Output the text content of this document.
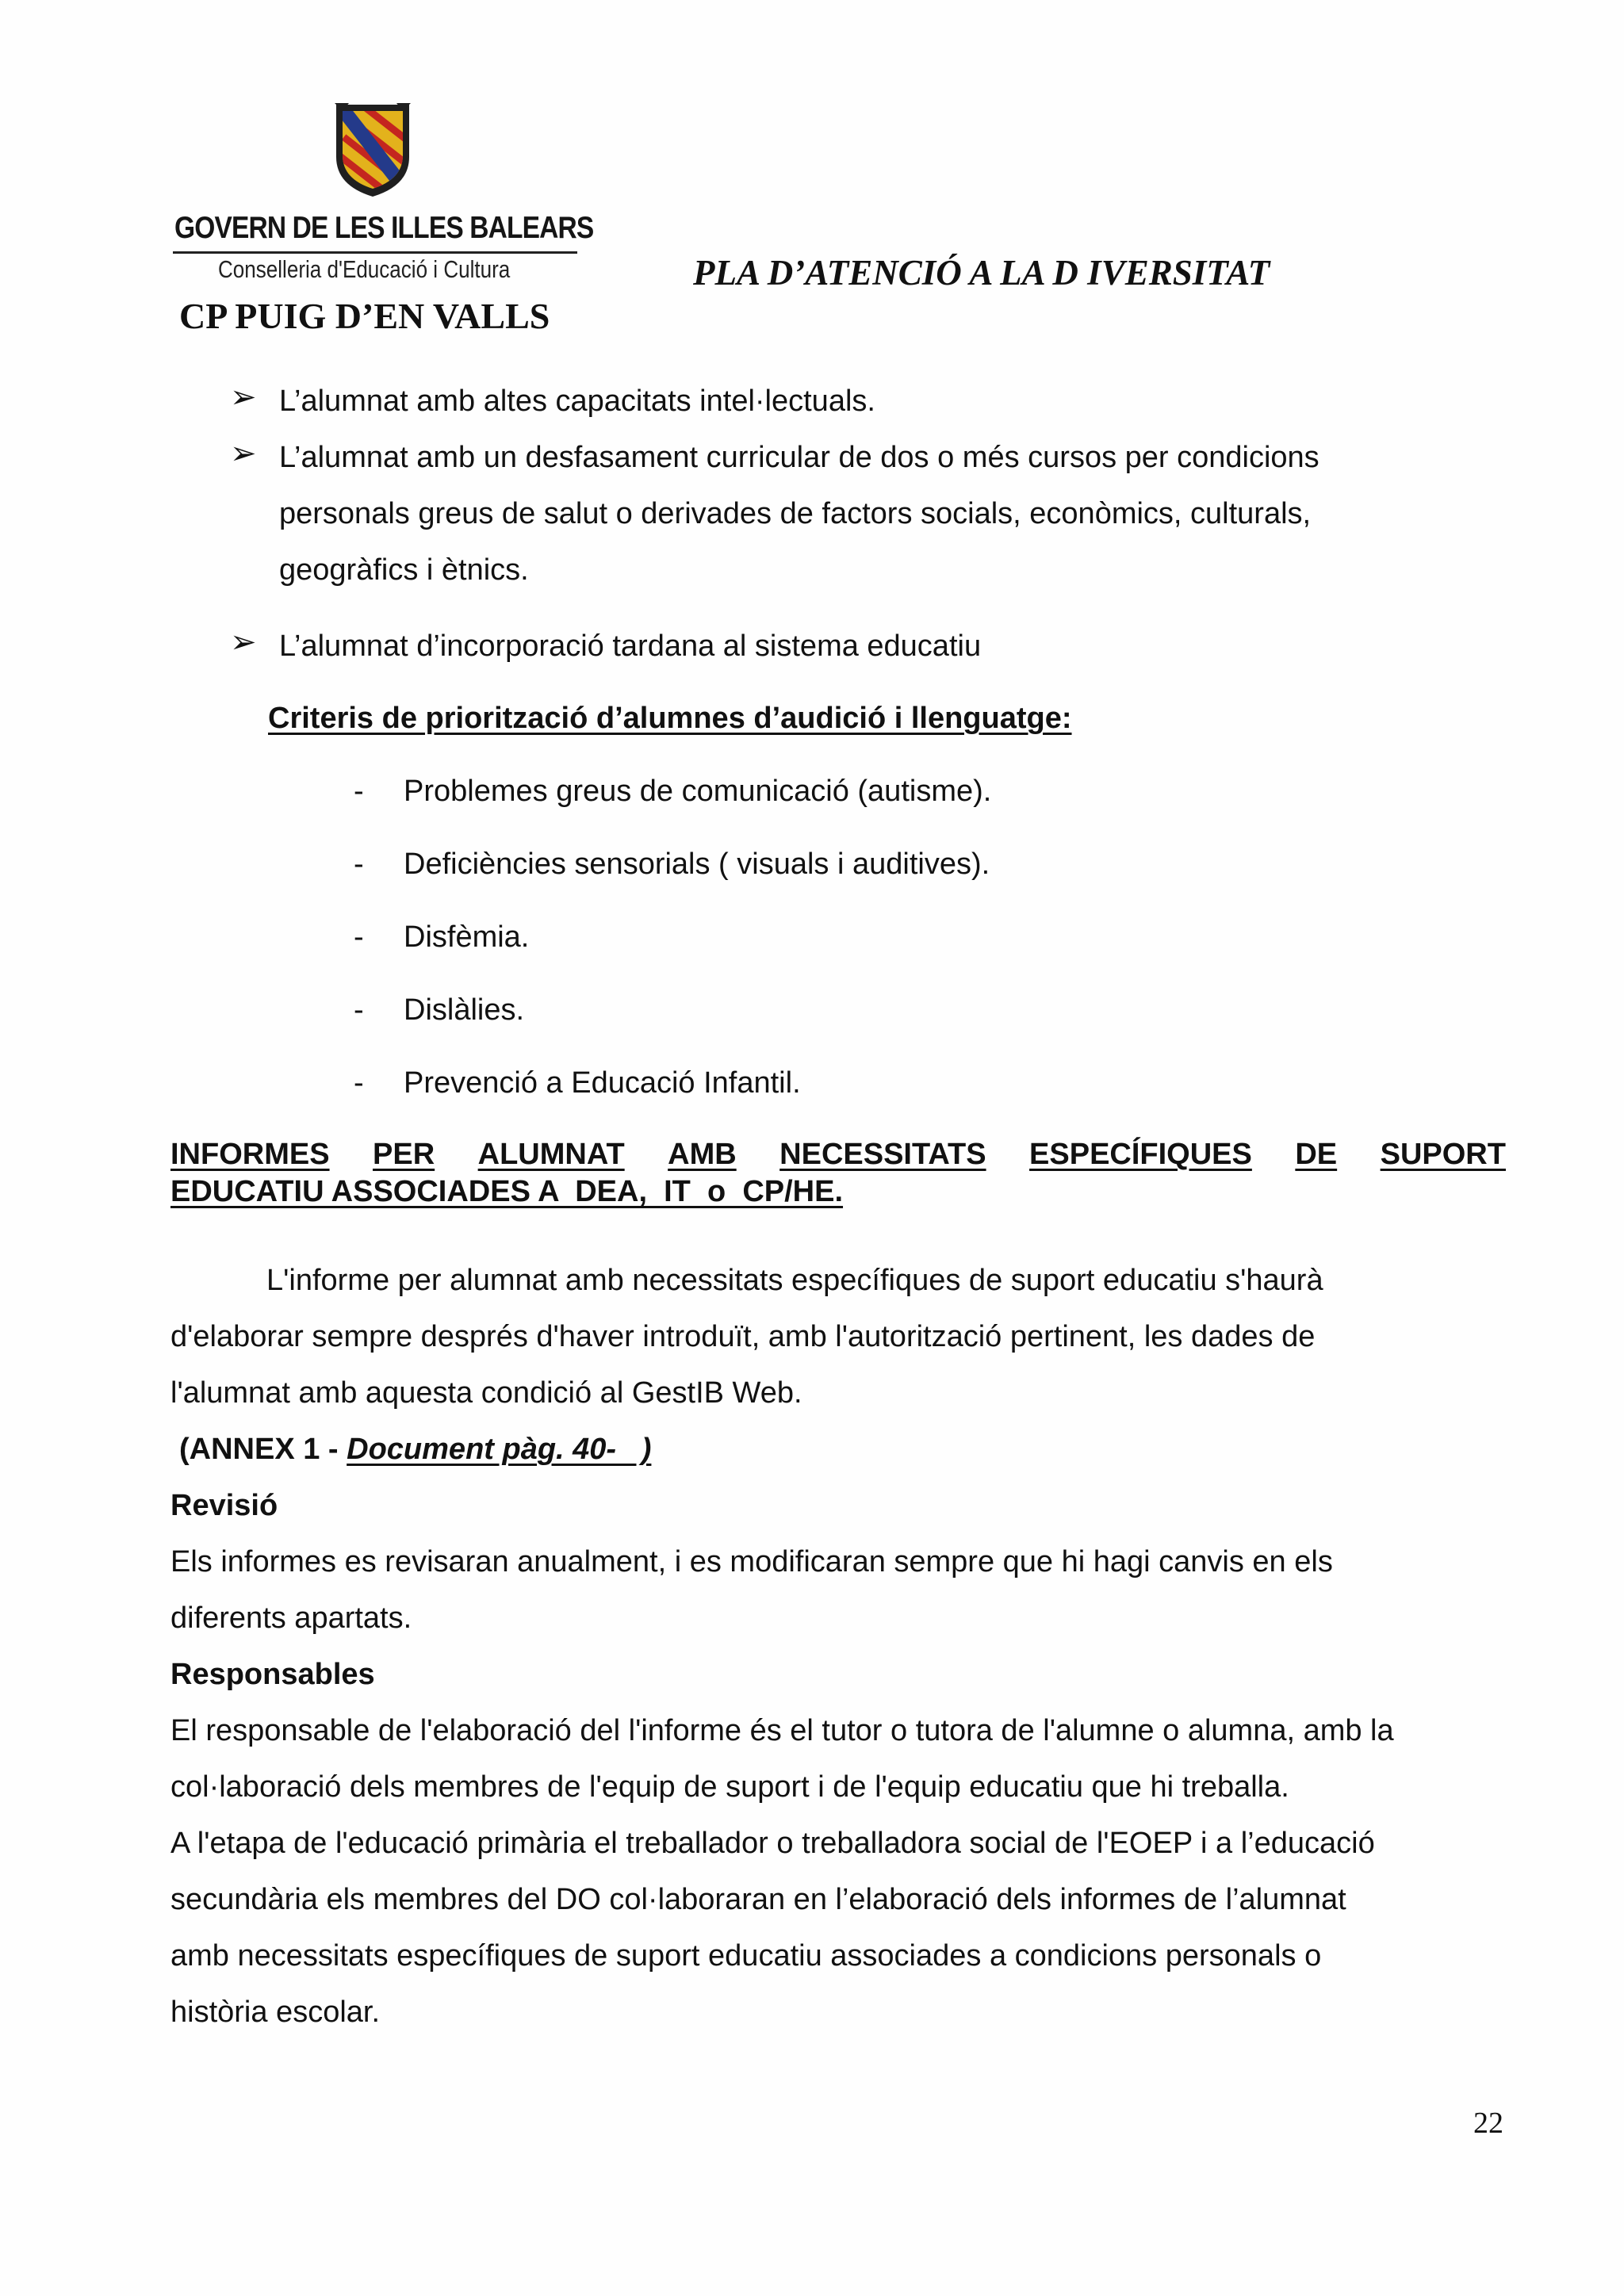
GOVERN DE LES ILLES BALEARS
Conselleria d'Educació i Cultura
CP PUIG D’EN VALLS
PLA D’ATENCIÓ A LA D IVERSITAT
➢ L’alumnat amb altes capacitats intel·lectuals.
➢ L’alumnat amb un desfasament curricular de dos o més cursos per condicions
personals greus de salut o derivades de factors socials, econòmics, culturals,
geogràfics i ètnics.
➢ L’alumnat d’incorporació tardana al sistema educatiu
Criteris de priorització d’alumnes d’audició i llenguatge:
- Problemes greus de comunicació (autisme).
- Deficiències sensorials ( visuals i auditives).
- Disfèmia.
- Dislàlies.
- Prevenció a Educació Infantil.
INFORMES PER ALUMNAT AMB NECESSITATS ESPECÍFIQUES DE SUPORT
EDUCATIU ASSOCIADES A  DEA,  IT  o  CP/HE.
L'informe per alumnat amb necessitats específiques de suport educatiu s'haurà
d'elaborar sempre després d'haver introduït, amb l'autorització pertinent, les dades de
l'alumnat amb aquesta condició al GestIB Web.
(ANNEX 1 - Document pàg. 40-   )
Revisió
Els informes es revisaran anualment, i es modificaran sempre que hi hagi canvis en els
diferents apartats.
Responsables
El responsable de l'elaboració del l'informe és el tutor o tutora de l'alumne o alumna, amb la
col·laboració dels membres de l'equip de suport i de l'equip educatiu que hi treballa.
A l'etapa de l'educació primària el treballador o treballadora social de l'EOEP i a l’educació
secundària els membres del DO col·laboraran en l’elaboració dels informes de l’alumnat
amb necessitats específiques de suport educatiu associades a condicions personals o
història escolar.
22
